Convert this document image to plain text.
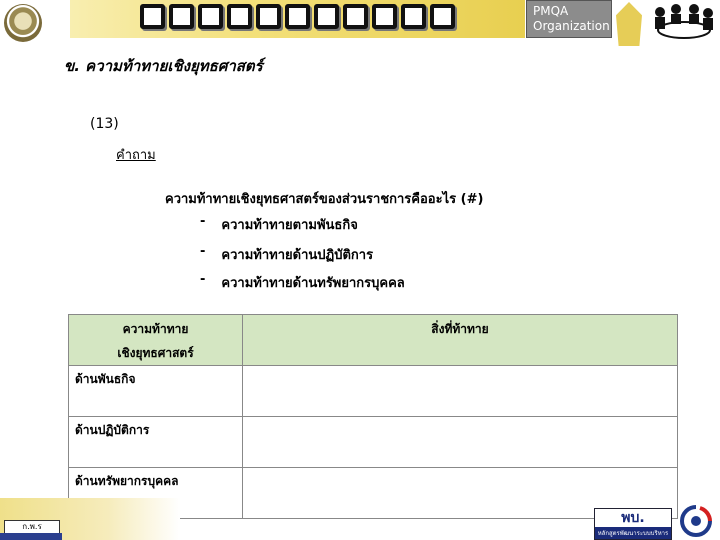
PMQA
Organization
ข. ความท้าทายเชิงยุทธศาสตร์
(13)
คำถาม
ความท้าทายเชิงยุทธศาสตร์ของส่วนราชการคืออะไร (#)
- ความท้าทายตามพันธกิจ
- ความท้าทายด้านปฏิบัติการ
- ความท้าทายด้านทรัพยากรบุคคล
ความท้าทาย
เชิงยุทธศาสตร์	สิ่งที่ท้าทาย

ด้านพันธกิจ	
ด้านปฏิบัติการ	
ด้านทรัพยากรบุคคล	
ก.พ.ร
พบ.
หลักสูตรพัฒนาระบบบริหาร
